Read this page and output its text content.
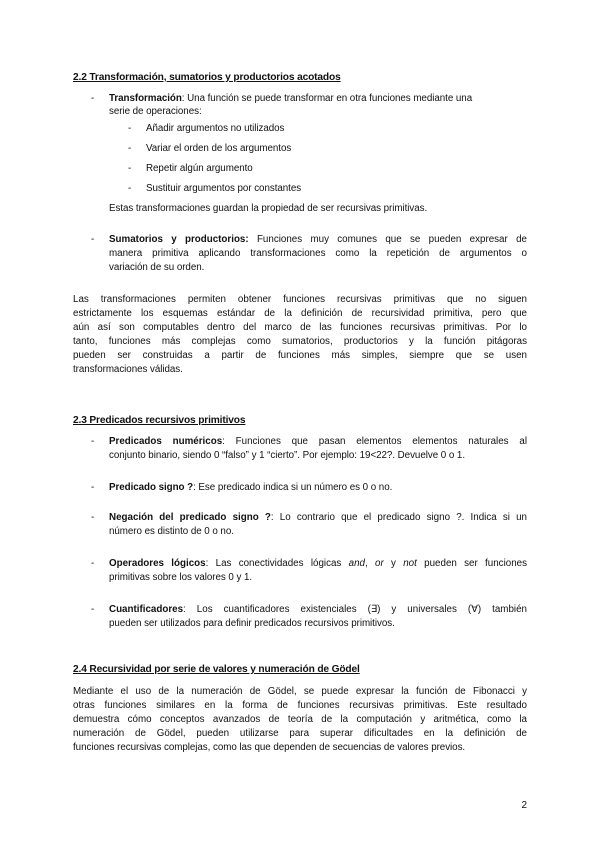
2.2 Transformación, sumatorios y productorios acotados
- Transformación: Una función se puede transformar en otra funciones mediante una
serie de operaciones:
- Añadir argumentos no utilizados
- Variar el orden de los argumentos
- Repetir algún argumento
- Sustituir argumentos por constantes
Estas transformaciones guardan la propiedad de ser recursivas primitivas.
- Sumatorios y productorios: Funciones muy comunes que se pueden expresar de
manera primitiva aplicando transformaciones como la repetición de argumentos o
variación de su orden.
Las transformaciones permiten obtener funciones recursivas primitivas que no siguen
estrictamente los esquemas estándar de la definición de recursividad primitiva, pero que
aún así son computables dentro del marco de las funciones recursivas primitivas. Por lo
tanto, funciones más complejas como sumatorios, productorios y la función pitágoras
pueden ser construidas a partir de funciones más simples, siempre que se usen
transformaciones válidas.
2.3 Predicados recursivos primitivos
- Predicados numéricos: Funciones que pasan elementos elementos naturales al
conjunto binario, siendo 0 “falso” y 1 “cierto”. Por ejemplo: 19<22?. Devuelve 0 o 1.
- Predicado signo ?: Ese predicado indica si un número es 0 o no.
- Negación del predicado signo ?: Lo contrario que el predicado signo ?. Indica si un
número es distinto de 0 o no.
- Operadores lógicos: Las conectividades lógicas and, or y not pueden ser funciones
primitivas sobre los valores 0 y 1.
- Cuantificadores: Los cuantificadores existenciales (∃) y universales (∀) también
pueden ser utilizados para definir predicados recursivos primitivos.
2.4 Recursividad por serie de valores y numeración de Gödel
Mediante el uso de la numeración de Gödel, se puede expresar la función de Fibonacci y
otras funciones similares en la forma de funciones recursivas primitivas. Este resultado
demuestra cómo conceptos avanzados de teoría de la computación y aritmética, como la
numeración de Gödel, pueden utilizarse para superar dificultades en la definición de
funciones recursivas complejas, como las que dependen de secuencias de valores previos.
2
